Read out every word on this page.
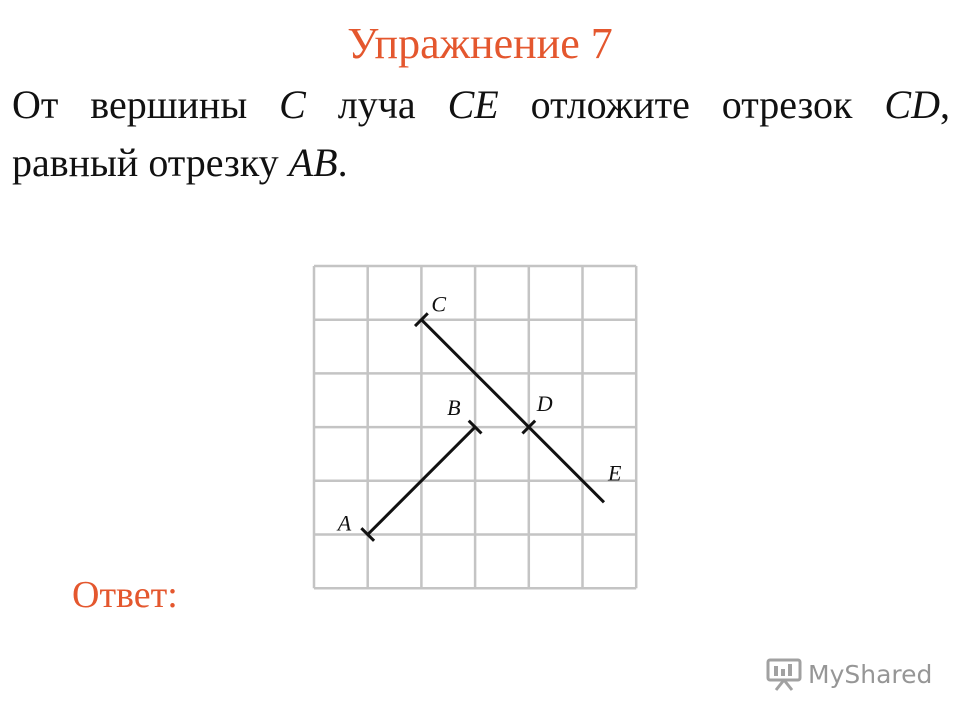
Упражнение 7
От вершины C луча CE отложите отрезок CD,
равный отрезку AB.
C
D
E
A
B
Ответ:
MyShared
